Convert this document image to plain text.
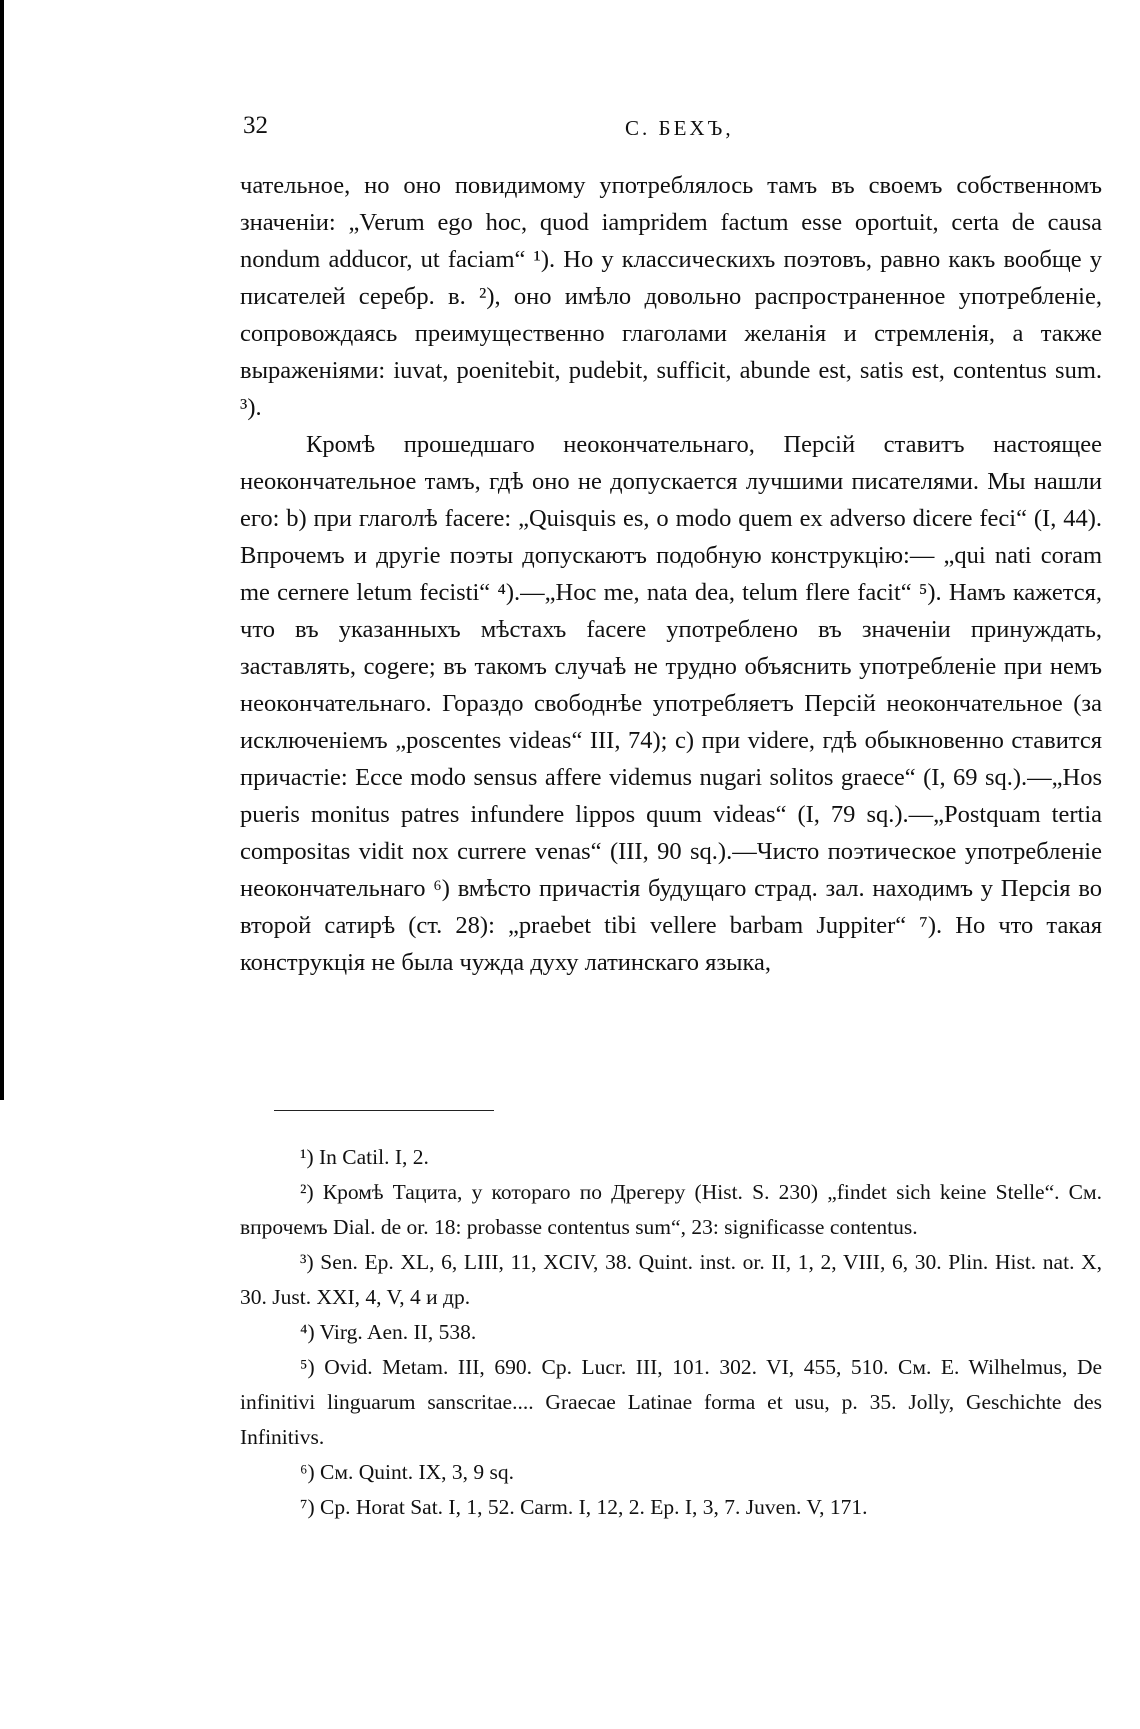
32	С. БЕХЪ,

чательное, но оно повидимому употреблялось тамъ въ своемъ собственномъ значеніи: „Verum ego hoc, quod iampridem factum esse oportuit, certa de causa nondum adducor, ut faciam“ ¹). Но у классическихъ поэтовъ, равно какъ вообще у писателей серебр. в. ²), оно имѣло довольно распространенное употребленіе, сопровождаясь преимущественно глаголами желанія и стремленія, а также выраженіями: iuvat, poenitebit, pudebit, sufficit, abunde est, satis est, contentus sum. ³).

Кромѣ прошедшаго неокончательнаго, Персій ставитъ настоящее неокончательное тамъ, гдѣ оно не допускается лучшими писателями. Мы нашли его: b) при глаголѣ facere: „Quisquis es, o modo quem ex adverso dicere feci“ (I, 44). Впрочемъ и другіе поэты допускаютъ подобную конструкцію:— „qui nati coram me cernere letum fecisti“ ⁴).—„Hoc me, nata dea, telum flere facit“ ⁵). Намъ кажется, что въ указанныхъ мѣстахъ facere употреблено въ значеніи принуждать, заставлять, cogere; въ такомъ случаѣ не трудно объяснить употребленіе при немъ неокончательнаго. Гораздо свободнѣе употребляетъ Персій неокончательное (за исключеніемъ „poscentes videas“ III, 74); c) при videre, гдѣ обыкновенно ставится причастіе: Ecce modo sensus affere videmus nugari solitos graece“ (I, 69 sq.).—„Hos pueris monitus patres infundere lippos quum videas“ (I, 79 sq.).—„Postquam tertia compositas vidit nox currere venas“ (III, 90 sq.).—Чисто поэтическое употребленіе неокончательнаго ⁶) вмѣсто причастія будущаго страд. зал. находимъ у Персія во второй сатирѣ (ст. 28): „praebet tibi vellere barbam Juppiter“ ⁷). Но что такая конструкція не была чужда духу латинскаго языка,

¹) In Catil. I, 2.

²) Кромѣ Тацита, у котораго по Дрегеру (Hist. S. 230) „findet sich keine Stelle“. См. впрочемъ Dial. de or. 18: probasse contentus sum“, 23: significasse contentus.

³) Sen. Ep. XL, 6, LIII, 11, XCIV, 38. Quint. inst. or. II, 1, 2, VIII, 6, 30. Plin. Hist. nat. X, 30. Just. XXI, 4, V, 4 и др.

⁴) Virg. Aen. II, 538.

⁵) Ovid. Metam. III, 690. Ср. Lucr. III, 101. 302. VI, 455, 510. См. E. Wilhelmus, De infinitivi linguarum sanscritae.... Graecae Latinae forma et usu, p. 35. Jolly, Geschichte des Infinitivs.

⁶) См. Quint. IX, 3, 9 sq.

⁷) Ср. Horat Sat. I, 1, 52. Carm. I, 12, 2. Ep. I, 3, 7. Juven. V, 171.
